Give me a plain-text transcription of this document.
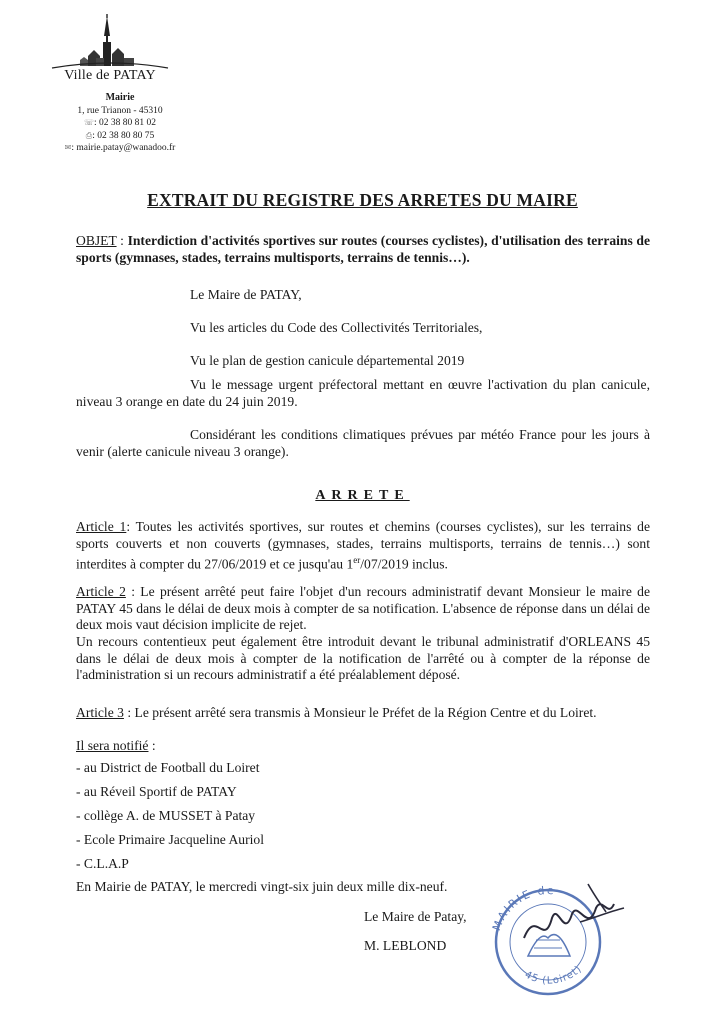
Ville de PATAY
Mairie
1, rue Trianon - 45310
☏: 02 38 80 81 02
⎙: 02 38 80 80 75
✉: mairie.patay@wanadoo.fr
EXTRAIT DU REGISTRE DES ARRETES DU MAIRE
OBJET : Interdiction d'activités sportives sur routes (courses cyclistes), d'utilisation des terrains de sports (gymnases, stades, terrains multisports, terrains de tennis…).
Le Maire de PATAY,
Vu les articles du Code des Collectivités Territoriales,
Vu le plan de gestion canicule départemental 2019
Vu le message urgent préfectoral mettant en œuvre l'activation du plan canicule, niveau 3 orange en date du 24 juin 2019.
Considérant les conditions climatiques prévues par météo France pour les jours à venir (alerte canicule niveau 3 orange).
ARRETE
Article 1: Toutes les activités sportives, sur routes et chemins (courses cyclistes), sur les terrains de sports couverts et non couverts (gymnases, stades, terrains multisports, terrains de tennis…) sont interdites à compter du 27/06/2019 et ce jusqu'au 1er/07/2019 inclus.
Article 2 : Le présent arrêté peut faire l'objet d'un recours administratif devant Monsieur le maire de PATAY 45 dans le délai de deux mois à compter de sa notification. L'absence de réponse dans un délai de deux mois vaut décision implicite de rejet.
Un recours contentieux peut également être introduit devant le tribunal administratif d'ORLEANS 45 dans le délai de deux mois à compter de la notification de l'arrêté ou à compter de la réponse de l'administration si un recours administratif a été préalablement déposé.
Article 3 : Le présent arrêté sera transmis à Monsieur le Préfet de la Région Centre et du Loiret.
Il sera notifié :
- au District de Football du Loiret
- au Réveil Sportif de PATAY
- collège A. de MUSSET à Patay
- Ecole Primaire Jacqueline Auriol
- C.L.A.P
En Mairie de PATAY, le mercredi vingt-six juin deux mille dix-neuf.
Le Maire de Patay,
M. LEBLOND
MAIRIE de
45 (Loiret)
